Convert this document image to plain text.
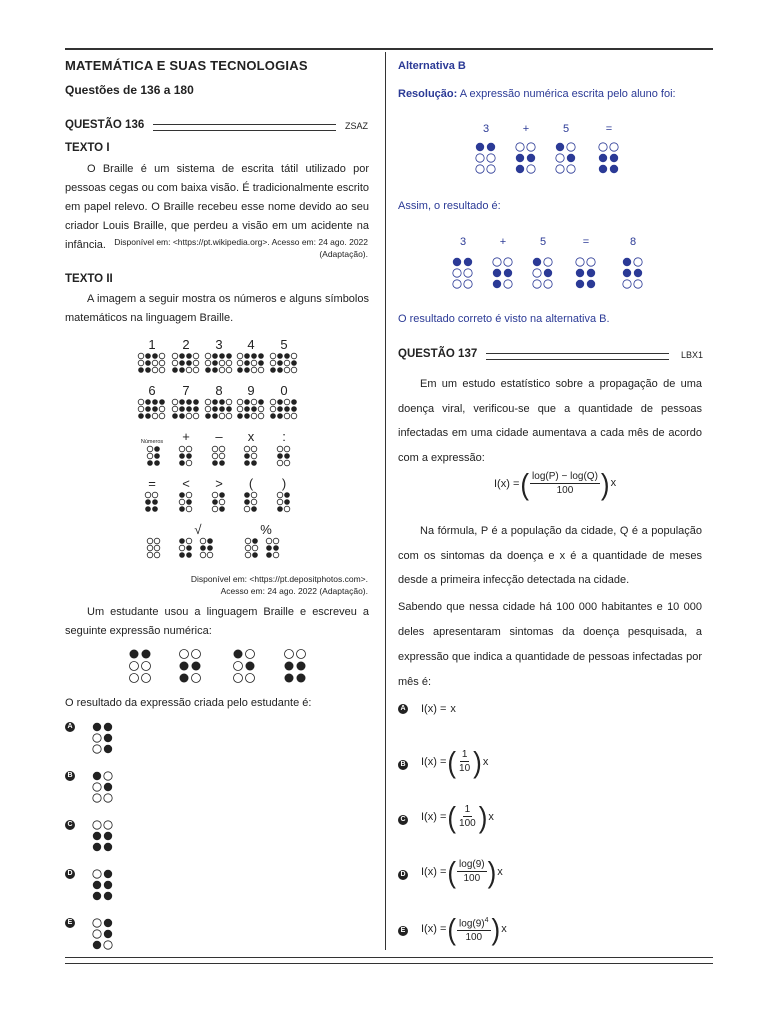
MATEMÁTICA E SUAS TECNOLOGIAS
Questões de 136 a 180
QUESTÃO 136	ZSAZ
TEXTO I
O Braille é um sistema de escrita tátil utilizado por pessoas cegas ou com baixa visão. É tradicionalmente escrito em papel relevo. O Braille recebeu esse nome devido ao seu criador Louis Braille, que perdeu a visão em um acidente na infância. Disponível em: <https://pt.wikipedia.org>. Acesso em: 24 ago. 2022 (Adaptação).
TEXTO II
A imagem a seguir mostra os números e alguns símbolos matemáticos na linguagem Braille.
1 2 3 4 5
6 7 8 9 0
Números + – x :
= < > ( )
√	%
Disponível em: <https://pt.depositphotos.com>.
Acesso em: 24 ago. 2022 (Adaptação).
Um estudante usou a linguagem Braille e escreveu a seguinte expressão numérica:
O resultado da expressão criada pelo estudante é:
A
B
C
D
E
Alternativa B
Resolução: A expressão numérica escrita pelo aluno foi:
3	+	5	=
Assim, o resultado é:
3	+	5	=	8
O resultado correto é visto na alternativa B.
QUESTÃO 137	LBX1
Em um estudo estatístico sobre a propagação de uma doença viral, verificou-se que a quantidade de pessoas infectadas em uma cidade aumentava a cada mês de acordo com a expressão:
I(x) = ( $\frac{\log(P) - \log(Q)}{100}$ ) x
Na fórmula, P é a população da cidade, Q é a população com os sintomas da doença e x é a quantidade de meses desde a primeira infecção detectada na cidade.
Sabendo que nessa cidade há 100 000 habitantes e 10 000 deles apresentaram sintomas da doença pesquisada, a expressão que indica a quantidade de pessoas infectadas por mês é:
A I(x) = x
B I(x) = ( $\frac{1}{10}$ ) x
C I(x) = ( $\frac{1}{100}$ ) x
D I(x) = ( $\frac{\log(9)}{100}$ ) x
E I(x) = ( $\frac{\log(9)^4}{100}$ ) x
